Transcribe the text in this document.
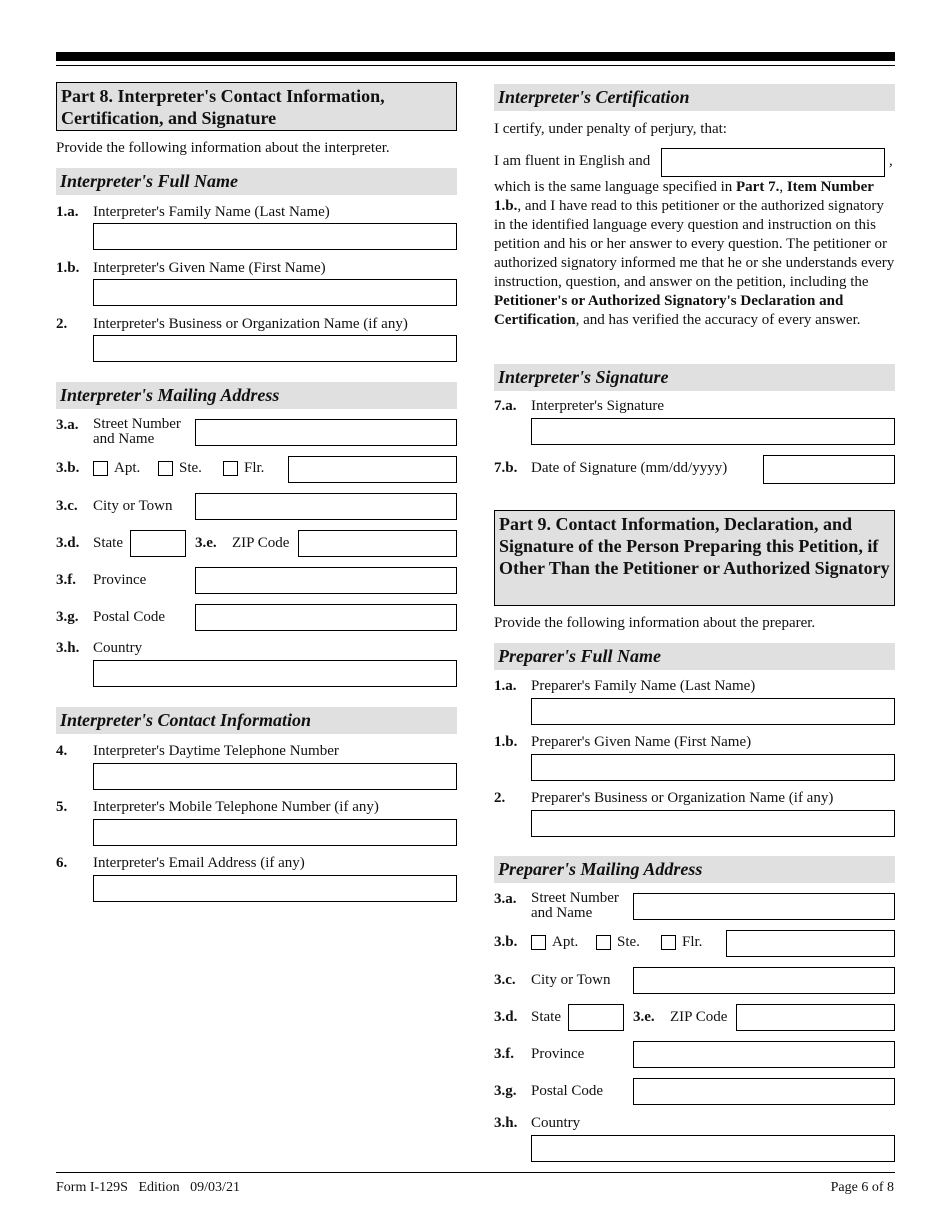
Part 8. Interpreter's Contact Information, Certification, and Signature
Provide the following information about the interpreter.
Interpreter's Full Name
1.a. Interpreter's Family Name (Last Name)
1.b. Interpreter's Given Name (First Name)
2. Interpreter's Business or Organization Name (if any)
Interpreter's Mailing Address
3.a. Street Number
and Name
3.b. Apt.	Ste.	Flr.
3.c. City or Town
3.d. State	3.e. ZIP Code
3.f. Province
3.g. Postal Code
3.h. Country
Interpreter's Contact Information
4. Interpreter's Daytime Telephone Number
5. Interpreter's Mobile Telephone Number (if any)
6. Interpreter's Email Address (if any)
Interpreter's Certification
I certify, under penalty of perjury, that:
I am fluent in English and	,
which is the same language specified in Part 7., Item Number 1.b., and I have read to this petitioner or the authorized signatory in the identified language every question and instruction on this petition and his or her answer to every question. The petitioner or authorized signatory informed me that he or she understands every instruction, question, and answer on the petition, including the Petitioner's or Authorized Signatory's Declaration and Certification, and has verified the accuracy of every answer.
Interpreter's Signature
7.a. Interpreter's Signature
7.b. Date of Signature (mm/dd/yyyy)
Part 9. Contact Information, Declaration, and Signature of the Person Preparing this Petition, if Other Than the Petitioner or Authorized Signatory
Provide the following information about the preparer.
Preparer's Full Name
1.a. Preparer's Family Name (Last Name)
1.b. Preparer's Given Name (First Name)
2. Preparer's Business or Organization Name (if any)
Preparer's Mailing Address
3.a. Street Number
and Name
3.b. Apt.	Ste.	Flr.
3.c. City or Town
3.d. State	3.e. ZIP Code
3.f. Province
3.g. Postal Code
3.h. Country
Form I-129S   Edition   09/03/21	Page 6 of 8
